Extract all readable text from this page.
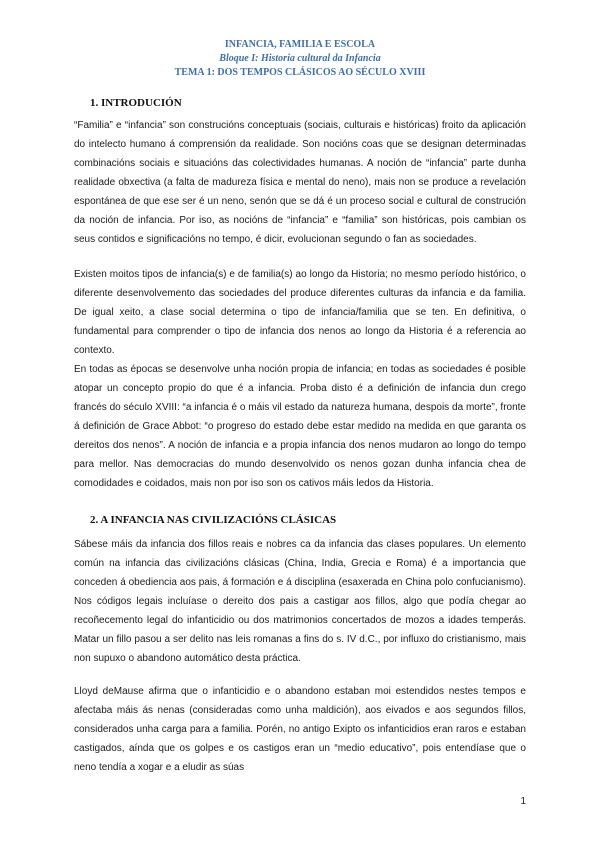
INFANCIA, FAMILIA E ESCOLA
Bloque I: Historia cultural da Infancia
TEMA 1: DOS TEMPOS CLÁSICOS AO SÉCULO XVIII
1. INTRODUCIÓN
“Familia” e “infancia” son construcións conceptuais (sociais, culturais e históricas) froito da aplicación do intelecto humano á comprensión da realidade. Son nocións coas que se designan determinadas combinacións sociais e situacións das colectividades humanas. A noción de “infancia” parte dunha realidade obxectiva (a falta de madureza física e mental do neno), mais non se produce a revelación espontánea de que ese ser é un neno, senón que se dá é un proceso social e cultural de construción da noción de infancia. Por iso, as nocións de “infancia” e “familia” son históricas, pois cambian os seus contidos e significacións no tempo, é dicir, evolucionan segundo o fan as sociedades.
Existen moitos tipos de infancia(s) e de familia(s) ao longo da Historia; no mesmo período histórico, o diferente desenvolvemento das sociedades del produce diferentes culturas da infancia e da familia. De igual xeito, a clase social determina o tipo de infancia/familia que se ten. En definitiva, o fundamental para comprender o tipo de infancia dos nenos ao longo da Historia é a referencia ao contexto.
En todas as épocas se desenvolve unha noción propia de infancia; en todas as sociedades é posible atopar un concepto propio do que é a infancia. Proba disto é a definición de infancia dun crego francés do século XVIII: “a infancia é o máis vil estado da natureza humana, despois da morte”, fronte á definición de Grace Abbot: “o progreso do estado debe estar medido na medida en que garanta os dereitos dos nenos”. A noción de infancia e a propia infancia dos nenos mudaron ao longo do tempo para mellor. Nas democracias do mundo desenvolvido os nenos gozan dunha infancia chea de comodidades e coidados, mais non por iso son os cativos máis ledos da Historia.
2. A INFANCIA NAS CIVILIZACIÓNS CLÁSICAS
Sábese máis da infancia dos fillos reais e nobres ca da infancia das clases populares. Un elemento común na infancia das civilizacións clásicas (China, India, Grecia e Roma) é a importancia que conceden á obediencia aos pais, á formación e á disciplina (esaxerada en China polo confucianismo). Nos códigos legais incluíase o dereito dos pais a castigar aos fillos, algo que podía chegar ao recoñecemento legal do infanticidio ou dos matrimonios concertados de mozos a idades temperás. Matar un fillo pasou a ser delito nas leis romanas a fins do s. IV d.C., por influxo do cristianismo, mais non supuxo o abandono automático desta práctica.
Lloyd deMause afirma que o infanticidio e o abandono estaban moi estendidos nestes tempos e afectaba máis ás nenas (consideradas como unha maldición), aos eivados e aos segundos fillos, considerados unha carga para a familia. Porén, no antigo Exipto os infanticidios eran raros e estaban castigados, aínda que os golpes e os castigos eran un “medio educativo”, pois entendíase que o neno tendía a xogar e a eludir as súas
1
